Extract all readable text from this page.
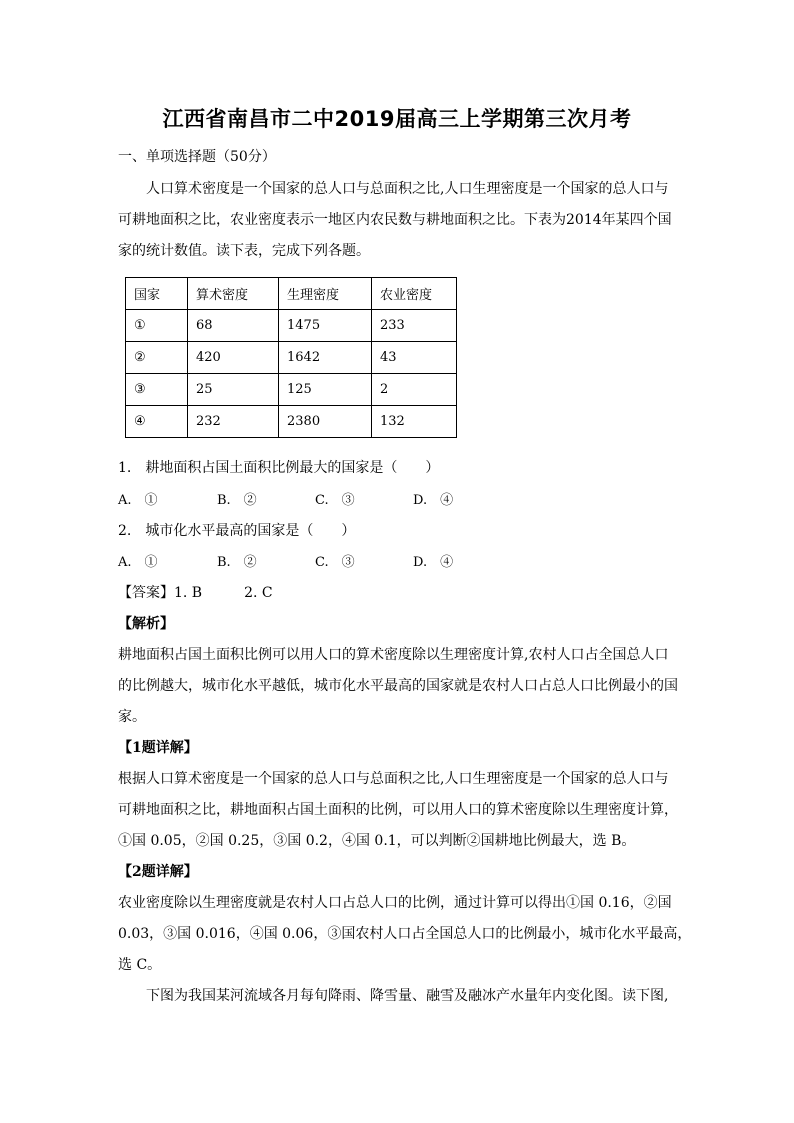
江西省南昌市二中2019届高三上学期第三次月考
一、单项选择题（50分）
人口算术密度是一个国家的总人口与总面积之比,人口生理密度是一个国家的总人口与
可耕地面积之比，农业密度表示一地区内农民数与耕地面积之比。下表为2014年某四个国
家的统计数值。读下表，完成下列各题。
国家	算术密度	生理密度	农业密度
①	68	1475	233
②	420	1642	43
③	25	125	2
④	232	2380	132
1.　耕地面积占国土面积比例最大的国家是（　　）
A.　①	B.　②	C.　③	D.　④
2.　城市化水平最高的国家是（　　）
A.　①	B.　②	C.　③	D.　④
【答案】1. B　　　2. C
【解析】
耕地面积占国土面积比例可以用人口的算术密度除以生理密度计算,农村人口占全国总人口
的比例越大，城市化水平越低，城市化水平最高的国家就是农村人口占总人口比例最小的国
家。
【1题详解】
根据人口算术密度是一个国家的总人口与总面积之比,人口生理密度是一个国家的总人口与
可耕地面积之比，耕地面积占国土面积的比例，可以用人口的算术密度除以生理密度计算，
①国 0.05，②国 0.25，③国 0.2，④国 0.1，可以判断②国耕地比例最大，选 B。
【2题详解】
农业密度除以生理密度就是农村人口占总人口的比例，通过计算可以得出①国 0.16，②国
0.03，③国 0.016，④国 0.06，③国农村人口占全国总人口的比例最小，城市化水平最高，
选 C。
下图为我国某河流域各月每旬降雨、降雪量、融雪及融冰产水量年内变化图。读下图,
